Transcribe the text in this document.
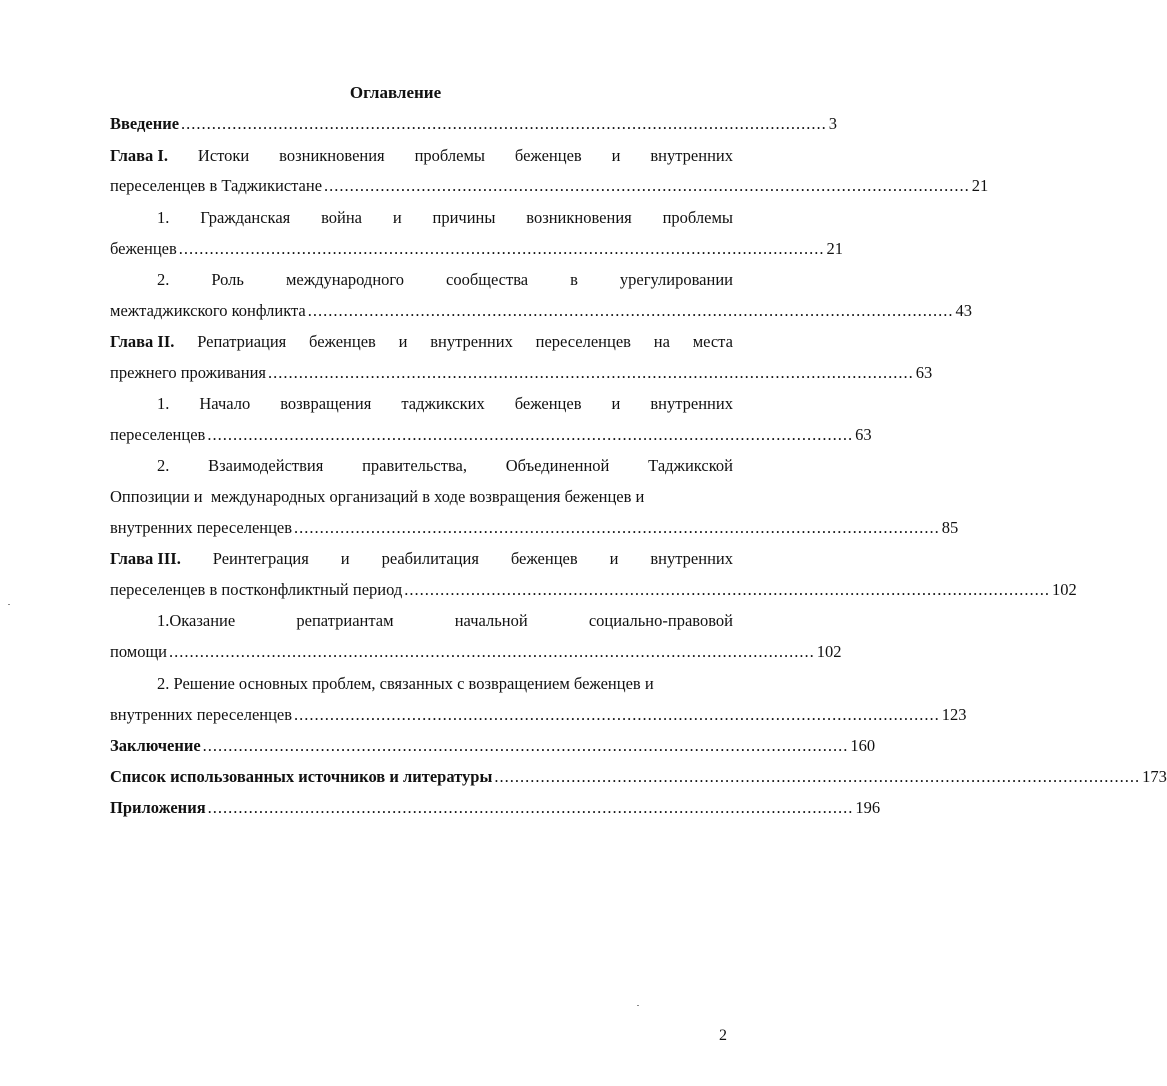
Оглавление
Введение .............................................................................................................................. 3
Глава I. Истоки возникновения проблемы беженцев и внутренних
переселенцев в Таджикистане .............................................................................................................................. 21
1. Гражданская война и причины возникновения проблемы
беженцев .............................................................................................................................. 21
2.	Роль	международного	сообщества	в	урегулировании
межтаджикского конфликта .............................................................................................................................. 43
Глава II. Репатриация беженцев и внутренних переселенцев на места
прежнего проживания .............................................................................................................................. 63
1. Начало возвращения таджикских беженцев и внутренних
переселенцев .............................................................................................................................. 63
2. Взаимодействия правительства, Объединенной Таджикской
Оппозиции и  международных организаций в ходе возвращения беженцев и
внутренних переселенцев .............................................................................................................................. 85
Глава III. Реинтеграция и реабилитация беженцев и внутренних
переселенцев в постконфликтный период .............................................................................................................................. 102
1.Оказание	репатриантам	начальной	социально-правовой
помощи .............................................................................................................................. 102
2. Решение основных проблем, связанных с возвращением беженцев и
внутренних переселенцев .............................................................................................................................. 123
Заключение .............................................................................................................................. 160
Список использованных источников и литературы .............................................................................................................................. 173
Приложения .............................................................................................................................. 196
2
